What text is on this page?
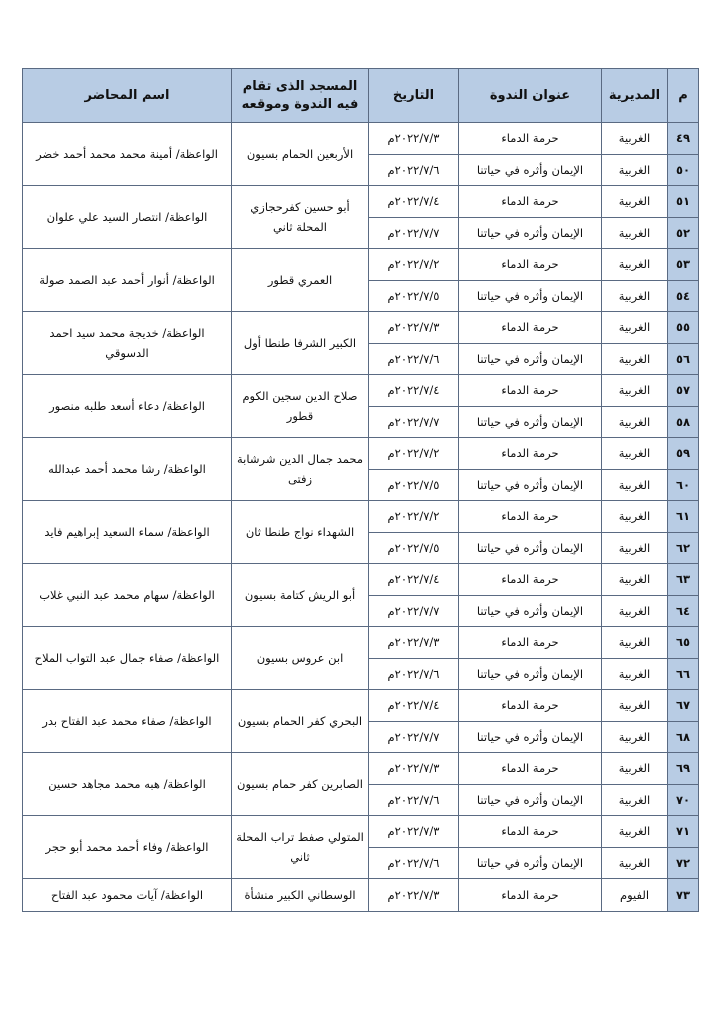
م	المديرية	عنوان الندوة	التاريخ	المسجد الذى تقام فيه الندوة وموقعه	اسم المحاضر
٤٩	الغربية	حرمة الدماء	٢٠٢٢/٧/٣م	الأربعين الحمام بسيون	الواعظة/ أمينة محمد محمد أحمد خضر
٥٠	الغربية	الإيمان وأثره في حياتنا	٢٠٢٢/٧/٦م		
٥١	الغربية	حرمة الدماء	٢٠٢٢/٧/٤م	أبو حسين كفرحجازي المحلة ثاني	الواعظة/ انتصار السيد علي علوان
٥٢	الغربية	الإيمان وأثره في حياتنا	٢٠٢٢/٧/٧م		
٥٣	الغربية	حرمة الدماء	٢٠٢٢/٧/٢م	العمري قطور	الواعظة/ أنوار أحمد عبد الصمد صولة
٥٤	الغربية	الإيمان وأثره في حياتنا	٢٠٢٢/٧/٥م		
٥٥	الغربية	حرمة الدماء	٢٠٢٢/٧/٣م	الكبير الشرفا طنطا أول	الواعظة/ خديجة محمد سيد احمد الدسوقي
٥٦	الغربية	الإيمان وأثره في حياتنا	٢٠٢٢/٧/٦م		
٥٧	الغربية	حرمة الدماء	٢٠٢٢/٧/٤م	صلاح الدين سجين الكوم قطور	الواعظة/ دعاء أسعد طلبه منصور
٥٨	الغربية	الإيمان وأثره في حياتنا	٢٠٢٢/٧/٧م		
٥٩	الغربية	حرمة الدماء	٢٠٢٢/٧/٢م	محمد جمال الدين شرشابة زفتى	الواعظة/ رشا محمد أحمد عبدالله
٦٠	الغربية	الإيمان وأثره في حياتنا	٢٠٢٢/٧/٥م		
٦١	الغربية	حرمة الدماء	٢٠٢٢/٧/٢م	الشهداء نواج طنطا ثان	الواعظة/ سماء السعيد إبراهيم فايد
٦٢	الغربية	الإيمان وأثره في حياتنا	٢٠٢٢/٧/٥م		
٦٣	الغربية	حرمة الدماء	٢٠٢٢/٧/٤م	أبو الريش كتامة بسيون	الواعظة/ سهام محمد عبد النبي غلاب
٦٤	الغربية	الإيمان وأثره في حياتنا	٢٠٢٢/٧/٧م		
٦٥	الغربية	حرمة الدماء	٢٠٢٢/٧/٣م	ابن عروس بسيون	الواعظة/ صفاء جمال عبد التواب الملاح
٦٦	الغربية	الإيمان وأثره في حياتنا	٢٠٢٢/٧/٦م		
٦٧	الغربية	حرمة الدماء	٢٠٢٢/٧/٤م	البحري كفر الحمام بسيون	الواعظة/ صفاء محمد عبد الفتاح بدر
٦٨	الغربية	الإيمان وأثره في حياتنا	٢٠٢٢/٧/٧م		
٦٩	الغربية	حرمة الدماء	٢٠٢٢/٧/٣م	الصابرين كفر حمام بسيون	الواعظة/ هبه محمد مجاهد حسين
٧٠	الغربية	الإيمان وأثره في حياتنا	٢٠٢٢/٧/٦م		
٧١	الغربية	حرمة الدماء	٢٠٢٢/٧/٣م	المتولي صفط تراب المحلة ثاني	الواعظة/ وفاء أحمد محمد أبو حجر
٧٢	الغربية	الإيمان وأثره في حياتنا	٢٠٢٢/٧/٦م		
٧٣	الفيوم	حرمة الدماء	٢٠٢٢/٧/٣م	الوسطاني الكبير منشأة	الواعظة/ آيات محمود عبد الفتاح
